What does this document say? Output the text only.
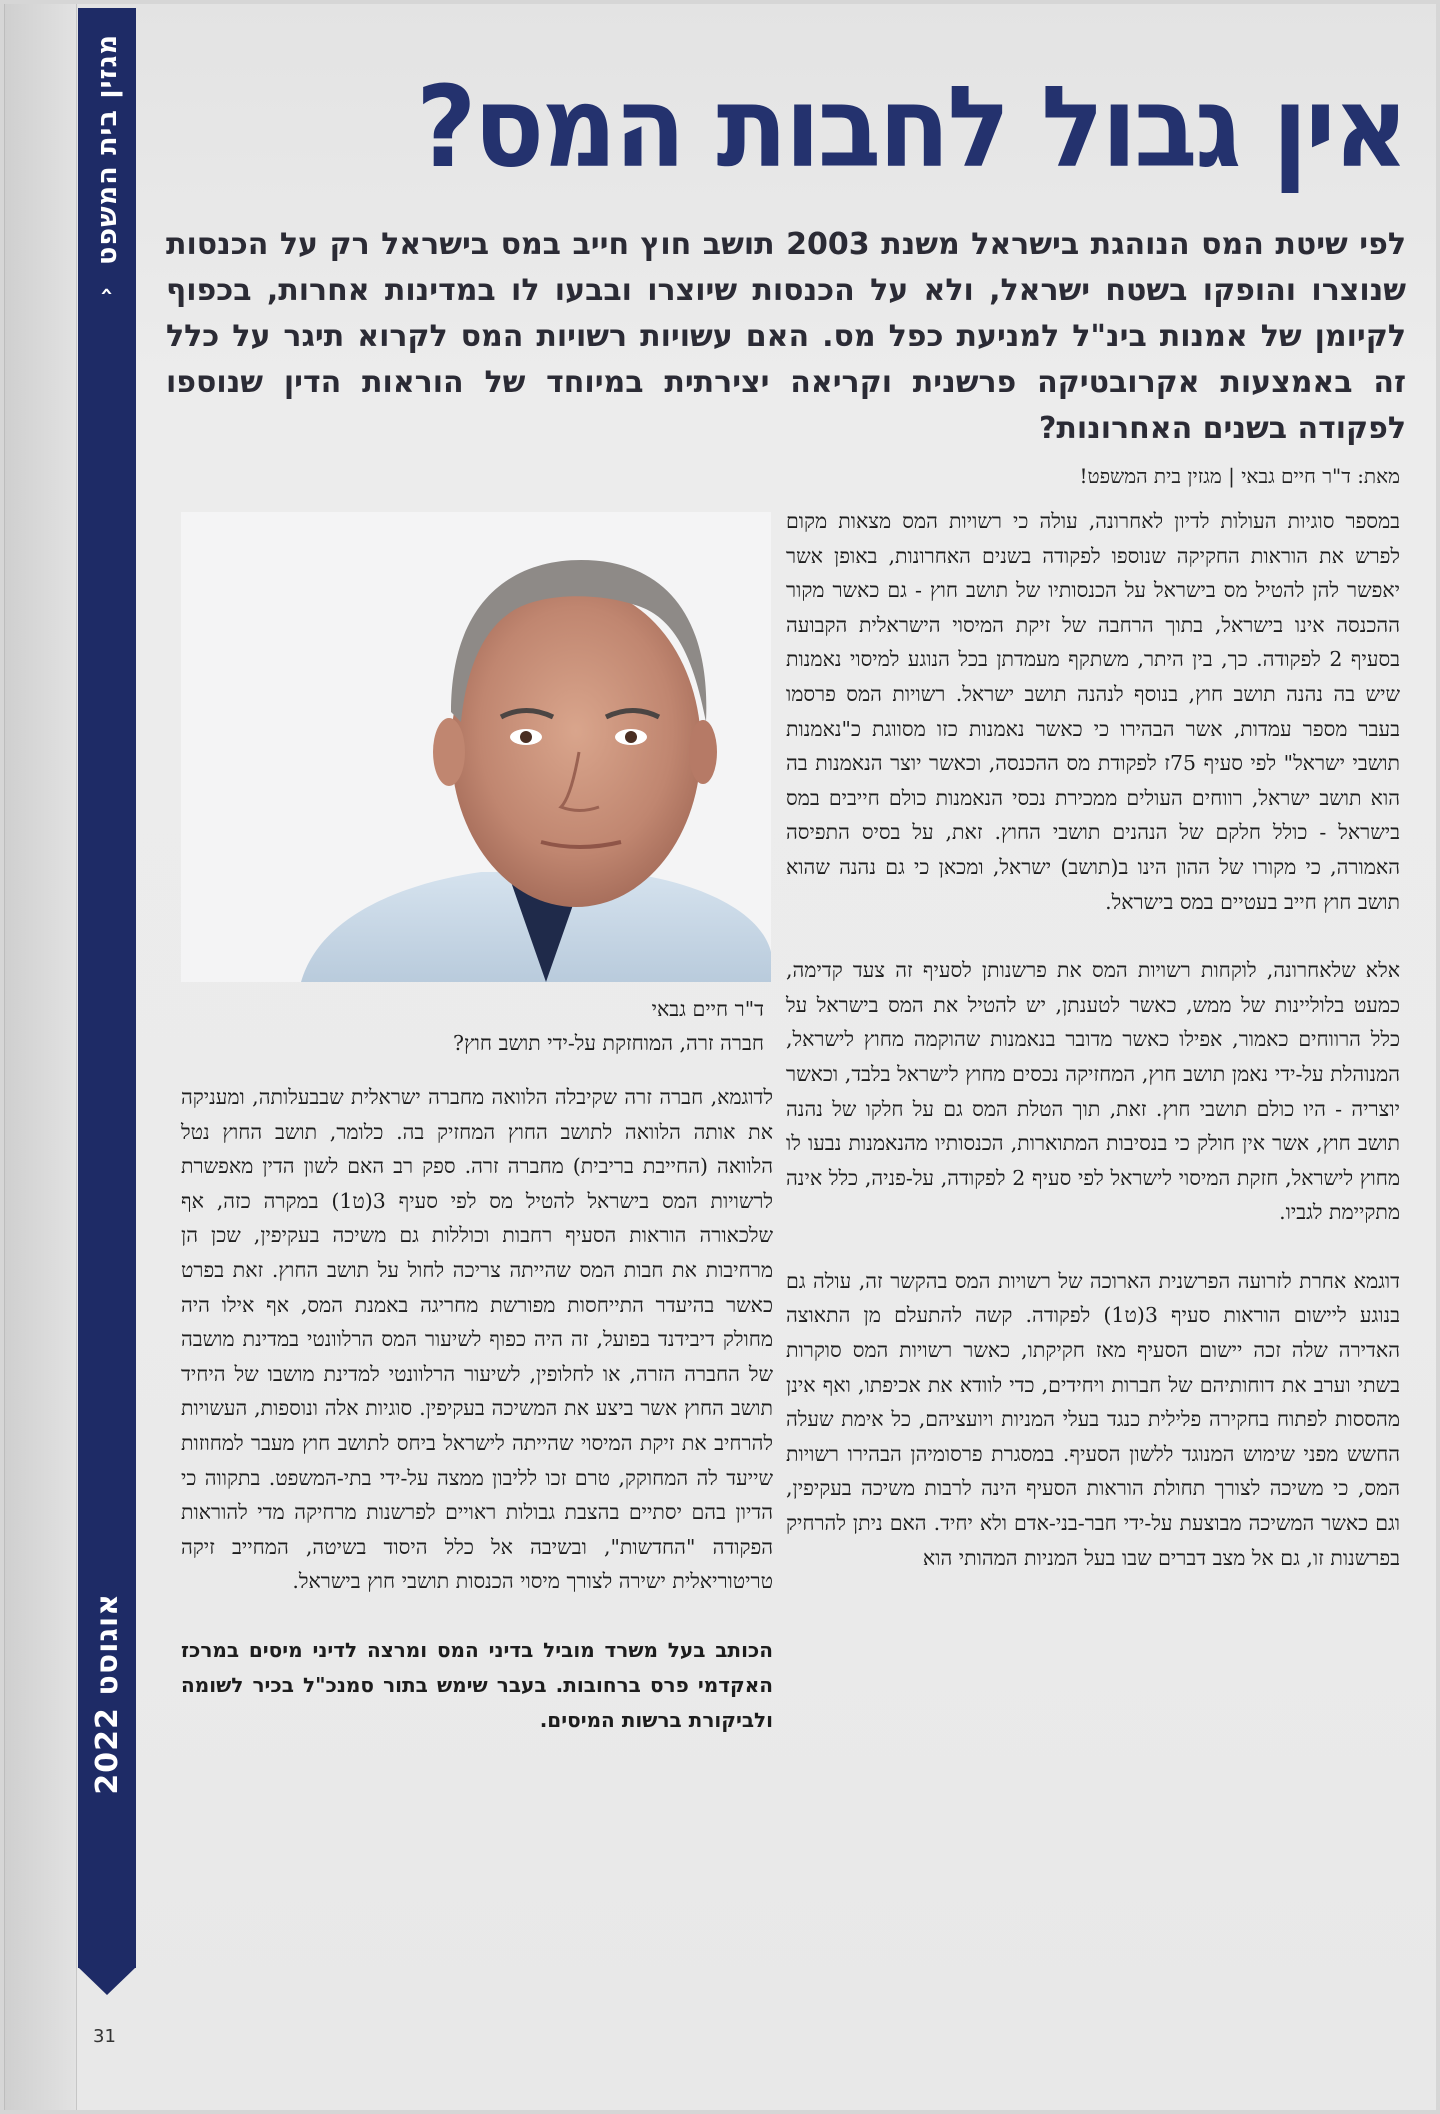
מגזין בית המשפט
›
אוגוסט 2022
31
אין גבול לחבות המס?

לפי שיטת המס הנוהגת בישראל משנת 2003 תושב חוץ חייב במס בישראל רק על הכנסות שנוצרו והופקו בשטח ישראל, ולא על הכנסות שיוצרו ובבעו לו במדינות אחרות, בכפוף לקיומן של אמנות בינ"ל למניעת כפל מס. האם עשויות רשויות המס לקרוא תיגר על כלל זה באמצעות אקרובטיקה פרשנית וקריאה יצירתית במיוחד של הוראות הדין שנוספו לפקודה בשנים האחרונות?

מאת: ד"ר חיים גבאי | מגזין בית המשפט!
ד"ר חיים גבאי
חברה זרה, המוחזקת על-ידי תושב חוץ?

במספר סוגיות העולות לדיון לאחרונה, עולה כי רשויות המס מצאות מקום לפרש את הוראות החקיקה שנוספו לפקודה בשנים האחרונות, באופן אשר יאפשר להן להטיל מס בישראל על הכנסותיו של תושב חוץ - גם כאשר מקור ההכנסה אינו בישראל, בתוך הרחבה של זיקת המיסוי הישראלית הקבועה בסעיף 2 לפקודה. כך, בין היתר, משתקף מעמדתן בכל הנוגע למיסוי נאמנות שיש בה נהנה תושב חוץ, בנוסף לנהנה תושב ישראל. רשויות המס פרסמו בעבר מספר עמדות, אשר הבהירו כי כאשר נאמנות כזו מסווגת כ"נאמנות תושבי ישראל" לפי סעיף 75ז לפקודת מס ההכנסה, וכאשר יוצר הנאמנות בה הוא תושב ישראל, רווחים העולים ממכירת נכסי הנאמנות כולם חייבים במס בישראל - כולל חלקם של הנהנים תושבי החוץ. זאת, על בסיס התפיסה האמורה, כי מקורו של ההון הינו ב(תושב) ישראל, ומכאן כי גם נהנה שהוא תושב חוץ חייב בעטיים במס בישראל.

אלא שלאחרונה, לוקחות רשויות המס את פרשנותן לסעיף זה צעד קדימה, כמעט בלוליינות של ממש, כאשר לטענתן, יש להטיל את המס בישראל על כלל הרווחים כאמור, אפילו כאשר מדובר בנאמנות שהוקמה מחוץ לישראל, המנוהלת על-ידי נאמן תושב חוץ, המחזיקה נכסים מחוץ לישראל בלבד, וכאשר יוצריה - היו כולם תושבי חוץ. זאת, תוך הטלת המס גם על חלקו של נהנה תושב חוץ, אשר אין חולק כי בנסיבות המתוארות, הכנסותיו מהנאמנות נבעו לו מחוץ לישראל, חזקת המיסוי לישראל לפי סעיף 2 לפקודה, על-פניה, כלל אינה מתקיימת לגביו.

דוגמא אחרת לזרועה הפרשנית הארוכה של רשויות המס בהקשר זה, עולה גם בנוגע ליישום הוראות סעיף 3(ט1) לפקודה. קשה להתעלם מן התאוצה האדירה שלה זכה יישום הסעיף מאז חקיקתו, כאשר רשויות המס סוקרות בשתי וערב את דוחותיהם של חברות ויחידים, כדי לוודא את אכיפתו, ואף אינן מהססות לפתוח בחקירה פלילית כנגד בעלי המניות ויועציהם, כל אימת שעלה החשש מפני שימוש המנוגד ללשון הסעיף. במסגרת פרסומיהן הבהירו רשויות המס, כי משיכה לצורך תחולת הוראות הסעיף הינה לרבות משיכה בעקיפין, וגם כאשר המשיכה מבוצעת על-ידי חבר-בני-אדם ולא יחיד. האם ניתן להרחיק בפרשנות זו, גם אל מצב דברים שבו בעל המניות המהותי הוא

לדוגמא, חברה זרה שקיבלה הלוואה מחברה ישראלית שבבעלותה, ומעניקה את אותה הלוואה לתושב החוץ המחזיק בה. כלומר, תושב החוץ נטל הלוואה (החייבת בריבית) מחברה זרה. ספק רב האם לשון הדין מאפשרת לרשויות המס בישראל להטיל מס לפי סעיף 3(ט1) במקרה כזה, אף שלכאורה הוראות הסעיף רחבות וכוללות גם משיכה בעקיפין, שכן הן מרחיבות את חבות המס שהייתה צריכה לחול על תושב החוץ. זאת בפרט כאשר בהיעדר התייחסות מפורשת מחריגה באמנת המס, אף אילו היה מחולק דיבידנד בפועל, זה היה כפוף לשיעור המס הרלוונטי במדינת מושבה של החברה הזרה, או לחלופין, לשיעור הרלוונטי למדינת מושבו של היחיד תושב החוץ אשר ביצע את המשיכה בעקיפין. סוגיות אלה ונוספות, העשויות להרחיב את זיקת המיסוי שהייתה לישראל ביחס לתושב חוץ מעבר למחוזות שייעד לה המחוקק, טרם זכו לליבון ממצה על-ידי בתי-המשפט. בתקווה כי הדיון בהם יסתיים בהצבת גבולות ראויים לפרשנות מרחיקה מדי להוראות הפקודה "החדשות", ובשיבה אל כלל היסוד בשיטה, המחייב זיקה טריטוריאלית ישירה לצורך מיסוי הכנסות תושבי חוץ בישראל.

הכותב בעל משרד מוביל בדיני המס ומרצה לדיני מיסים במרכז האקדמי פרס ברחובות. בעבר שימש בתור סמנכ"ל בכיר לשומה ולביקורת ברשות המיסים.
